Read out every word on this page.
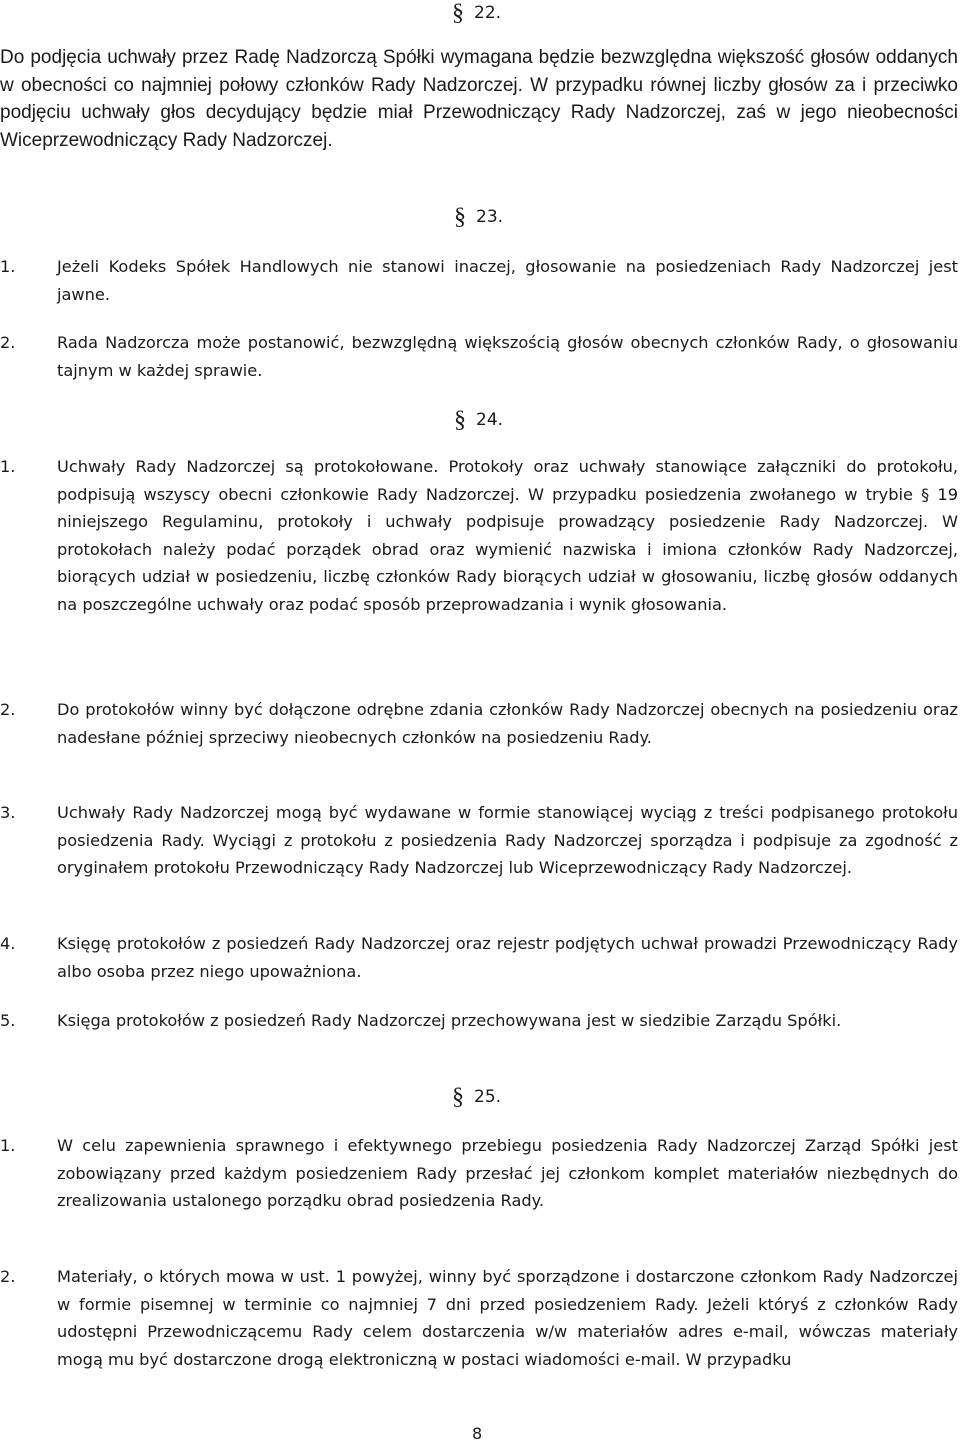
§ 22.

Do podjęcia uchwały przez Radę Nadzorczą Spółki wymagana będzie bezwzględna większość głosów oddanych w obecności co najmniej połowy członków Rady Nadzorczej. W przypadku równej liczby głosów za i przeciwko podjęciu uchwały głos decydujący będzie miał Przewodniczący Rady Nadzorczej, zaś w jego nieobecności Wiceprzewodniczący Rady Nadzorczej.

§ 23.
1.	Jeżeli Kodeks Spółek Handlowych nie stanowi inaczej, głosowanie na posiedzeniach Rady Nadzorczej jest jawne.
2.	Rada Nadzorcza może postanowić, bezwzględną większością głosów obecnych członków Rady, o głosowaniu tajnym w każdej sprawie.
§ 24.
1.	Uchwały Rady Nadzorczej są protokołowane. Protokoły oraz uchwały stanowiące załączniki do protokołu, podpisują wszyscy obecni członkowie Rady Nadzorczej. W przypadku posiedzenia zwołanego w trybie § 19 niniejszego Regulaminu, protokoły i uchwały podpisuje prowadzący posiedzenie Rady Nadzorczej. W protokołach należy podać porządek obrad oraz wymienić nazwiska i imiona członków Rady Nadzorczej, biorących udział w posiedzeniu, liczbę członków Rady biorących udział w głosowaniu, liczbę głosów oddanych na poszczególne uchwały oraz podać sposób przeprowadzania i wynik głosowania.
2.	Do protokołów winny być dołączone odrębne zdania członków Rady Nadzorczej obecnych na posiedzeniu oraz nadesłane później sprzeciwy nieobecnych członków na posiedzeniu Rady.
3.	Uchwały Rady Nadzorczej mogą być wydawane w formie stanowiącej wyciąg z treści podpisanego protokołu posiedzenia Rady. Wyciągi z protokołu z posiedzenia Rady Nadzorczej sporządza i podpisuje za zgodność z oryginałem protokołu Przewodniczący Rady Nadzorczej lub Wiceprzewodniczący Rady Nadzorczej.
4.	Księgę protokołów z posiedzeń Rady Nadzorczej oraz rejestr podjętych uchwał prowadzi Przewodniczący Rady albo osoba przez niego upoważniona.
5.	Księga protokołów z posiedzeń Rady Nadzorczej przechowywana jest w siedzibie Zarządu Spółki.
§ 25.
1.	W celu zapewnienia sprawnego i efektywnego przebiegu posiedzenia Rady Nadzorczej Zarząd Spółki jest zobowiązany przed każdym posiedzeniem Rady przesłać jej członkom komplet materiałów niezbędnych do zrealizowania ustalonego porządku obrad posiedzenia Rady.
2.	Materiały, o których mowa w ust. 1 powyżej, winny być sporządzone i dostarczone członkom Rady Nadzorczej w formie pisemnej w terminie co najmniej 7 dni przed posiedzeniem Rady. Jeżeli któryś z członków Rady udostępni Przewodniczącemu Rady celem dostarczenia w/w materiałów adres e-mail, wówczas materiały mogą mu być dostarczone drogą elektroniczną w postaci wiadomości e-mail. W przypadku
8
